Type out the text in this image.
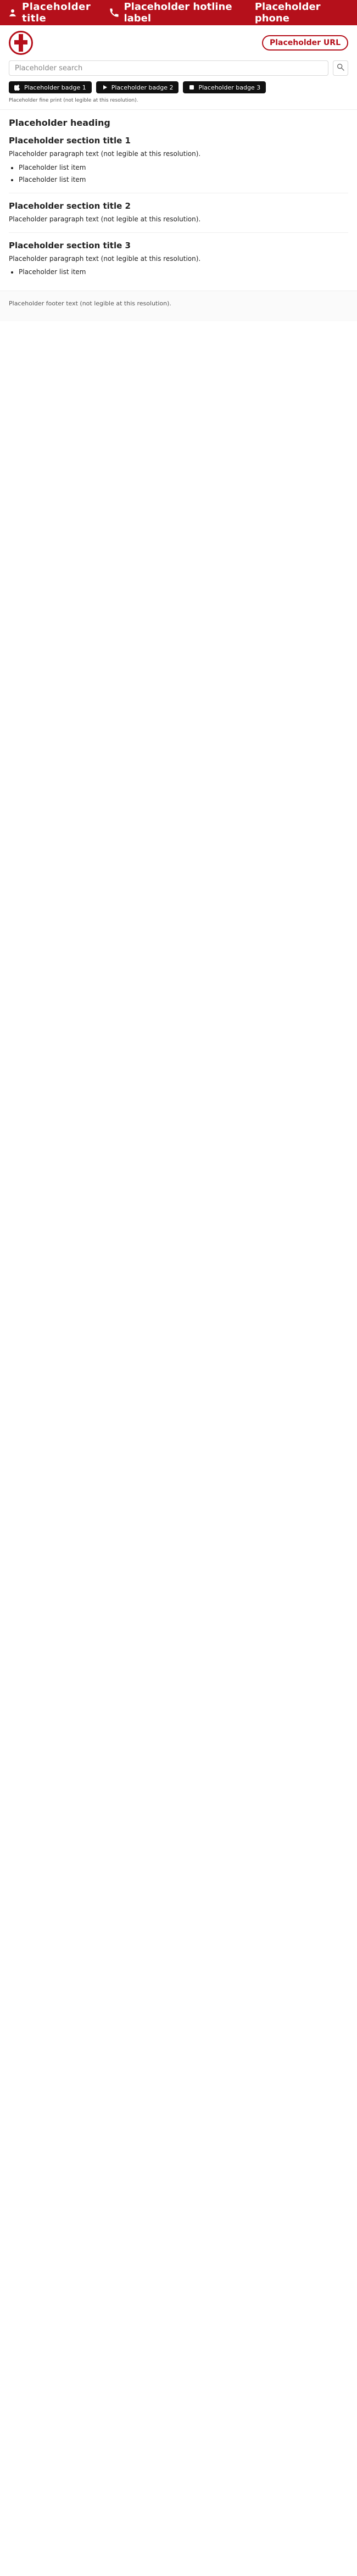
Placeholder title
Placeholder hotline label
Placeholder phone
Placeholder URL
Placeholder search
Placeholder badge 1	Placeholder badge 2	Placeholder badge 3
Placeholder fine print (not legible at this resolution).
Placeholder heading
Placeholder section title 1

Placeholder paragraph text (not legible at this resolution).

• Placeholder list item
• Placeholder list item
Placeholder section title 2

Placeholder paragraph text (not legible at this resolution).

Placeholder section title 3

Placeholder paragraph text (not legible at this resolution).

• Placeholder list item

Placeholder footer text (not legible at this resolution).
